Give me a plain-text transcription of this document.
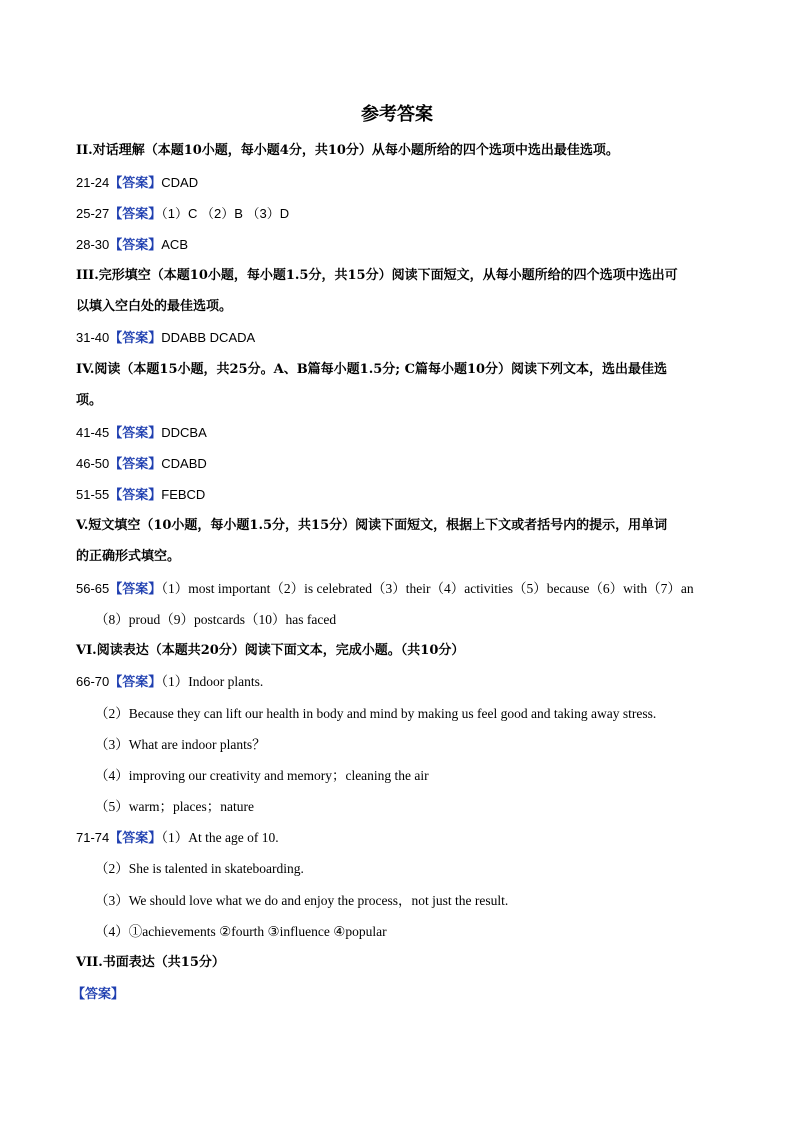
参考答案
II.对话理解（本题10小题，每小题4分，共10分）从每小题所给的四个选项中选出最佳选项。
21-24【答案】CDAD
25-27【答案】（1）C （2）B （3）D
28-30【答案】ACB
III.完形填空（本题10小题，每小题1.5分，共15分）阅读下面短文，从每小题所给的四个选项中选出可
以填入空白处的最佳选项。
31-40【答案】DDABB DCADA
IV.阅读（本题15小题，共25分。A、B篇每小题1.5分; C篇每小题10分）阅读下列文本，选出最佳选
项。
41-45【答案】DDCBA
46-50【答案】CDABD
51-55【答案】FEBCD
V.短文填空（10小题，每小题1.5分，共15分）阅读下面短文，根据上下文或者括号内的提示，用单词
的正确形式填空。
56-65【答案】（1）most important（2）is celebrated（3）their（4）activities（5）because（6）with（7）an
（8）proud（9）postcards（10）has faced
VI.阅读表达（本题共20分）阅读下面文本，完成小题。（共10分）
66-70【答案】（1）Indoor plants.
（2）Because they can lift our health in body and mind by making us feel good and taking away stress.
（3）What are indoor plants？
（4）improving our creativity and memory；cleaning the air
（5）warm；places；nature
71-74【答案】（1）At the age of 10.
（2）She is talented in skateboarding.
（3）We should love what we do and enjoy the process，not just the result.
（4）①achievements ②fourth ③influence ④popular
VII.书面表达（共15分）
【答案】
